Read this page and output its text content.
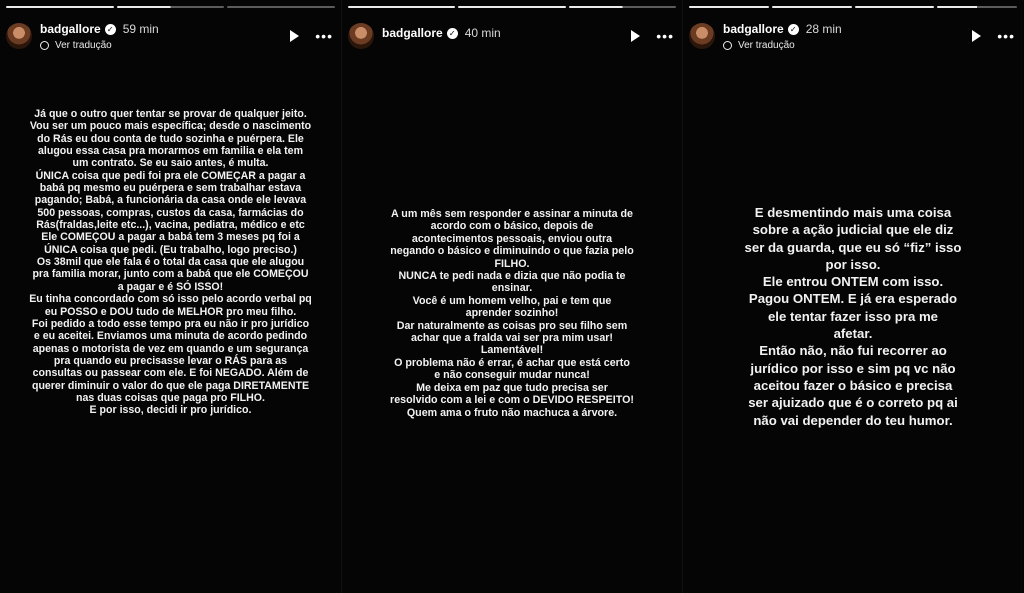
badgallore ✓ 59 min
Ver tradução
•••
Já que o outro quer tentar se provar de qualquer jeito.
Vou ser um pouco mais específica; desde o nascimento
do Rás eu dou conta de tudo sozinha e puérpera. Ele
alugou essa casa pra morarmos em familia e ela tem
um contrato. Se eu saio antes, é multa.
ÚNICA coisa que pedi foi pra ele COMEÇAR a pagar a
babá pq mesmo eu puérpera e sem trabalhar estava
pagando; Babá, a funcionária da casa onde ele levava
500 pessoas, compras, custos da casa, farmácias do
Rás(fraldas,leite etc...), vacina, pediatra, médico e etc
Ele COMEÇOU a pagar a babá tem 3 meses pq foi a
ÚNICA coisa que pedi. (Eu trabalho, logo preciso.)
Os 38mil que ele fala é o total da casa que ele alugou
pra familia morar, junto com a babá que ele COMEÇOU
a pagar e é SÓ ISSO!
Eu tinha concordado com só isso pelo acordo verbal pq
eu POSSO e DOU tudo de MELHOR pro meu filho.
Foi pedido a todo esse tempo pra eu não ir pro jurídico
e eu aceitei. Enviamos uma minuta de acordo pedindo
apenas o motorista de vez em quando e um segurança
pra quando eu precisasse levar o RÁS para as
consultas ou passear com ele. E foi NEGADO. Além de
querer diminuir o valor do que ele paga DIRETAMENTE
nas duas coisas que paga pro FILHO.
E por isso, decidi ir pro jurídico.
badgallore ✓ 40 min	•••
A um mês sem responder e assinar a minuta de
acordo com o básico, depois de
acontecimentos pessoais, enviou outra
negando o básico e diminuindo o que fazia pelo
FILHO.
NUNCA te pedi nada e dizia que não podia te
ensinar.
Você é um homem velho, pai e tem que
aprender sozinho!
Dar naturalmente as coisas pro seu filho sem
achar que a fralda vai ser pra mim usar!
Lamentável!
O problema não é errar, é achar que está certo
e não conseguir mudar nunca!
Me deixa em paz que tudo precisa ser
resolvido com a lei e com o DEVIDO RESPEITO!
Quem ama o fruto não machuca a árvore.
badgallore ✓ 28 min
Ver tradução
•••
E desmentindo mais uma coisa
sobre a ação judicial que ele diz
ser da guarda, que eu só “fiz” isso
por isso.
Ele entrou ONTEM com isso.
Pagou ONTEM. E já era esperado
ele tentar fazer isso pra me
afetar.
Então não, não fui recorrer ao
jurídico por isso e sim pq vc não
aceitou fazer o básico e precisa
ser ajuizado que é o correto pq ai
não vai depender do teu humor.
